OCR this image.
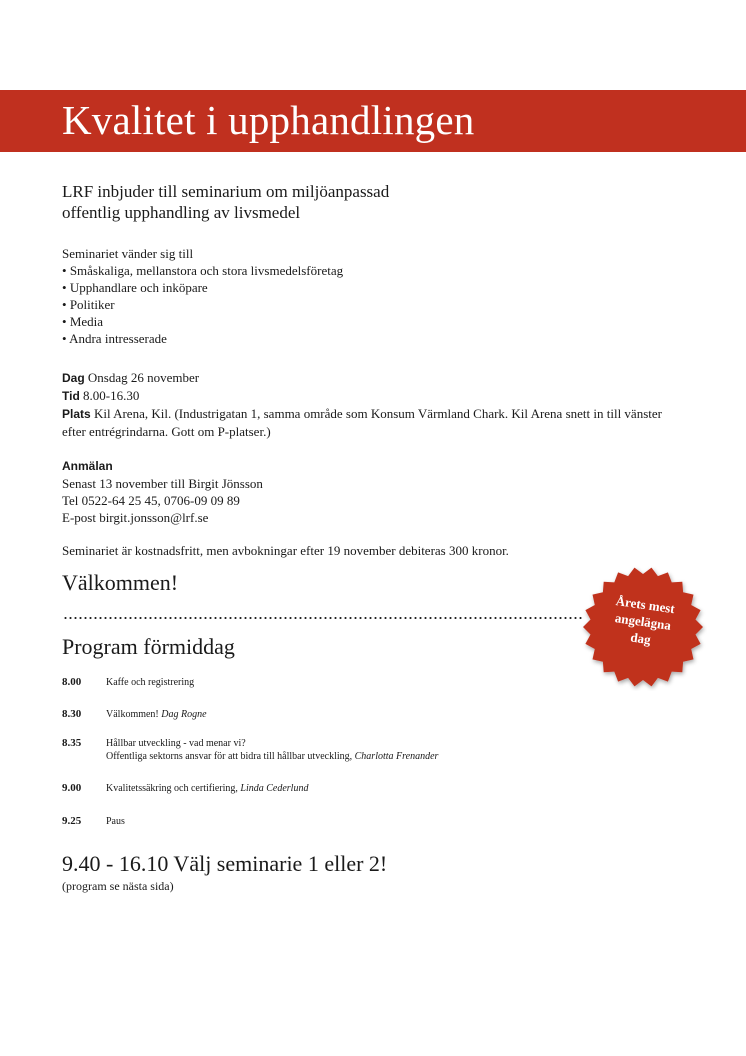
Kvalitet i upphandlingen
LRF inbjuder till seminarium om miljöanpassad
offentlig upphandling av livsmedel
Seminariet vänder sig till
• Småskaliga, mellanstora och stora livsmedelsföretag
• Upphandlare och inköpare
• Politiker
• Media
• Andra intresserade
Dag Onsdag 26 november
Tid 8.00-16.30
Plats Kil Arena, Kil. (Industrigatan 1, samma område som Konsum Värmland Chark. Kil Arena snett in till vänster efter entrégrindarna. Gott om P-platser.)
Anmälan
Senast 13 november till Birgit Jönsson
Tel 0522-64 25 45, 0706-09 09 89
E-post birgit.jonsson@lrf.se
Seminariet är kostnadsfritt, men avbokningar efter 19 november debiteras 300 kronor.
Välkommen!
Årets mest
angelägna
dag
Program förmiddag
8.00 Kaffe och registrering
8.30 Välkommen! Dag Rogne
8.35 Hållbar utveckling - vad menar vi?
Offentliga sektorns ansvar för att bidra till hållbar utveckling, Charlotta Frenander
9.00 Kvalitetssäkring och certifiering, Linda Cederlund
9.25 Paus
9.40 - 16.10 Välj seminarie 1 eller 2!
(program se nästa sida)
